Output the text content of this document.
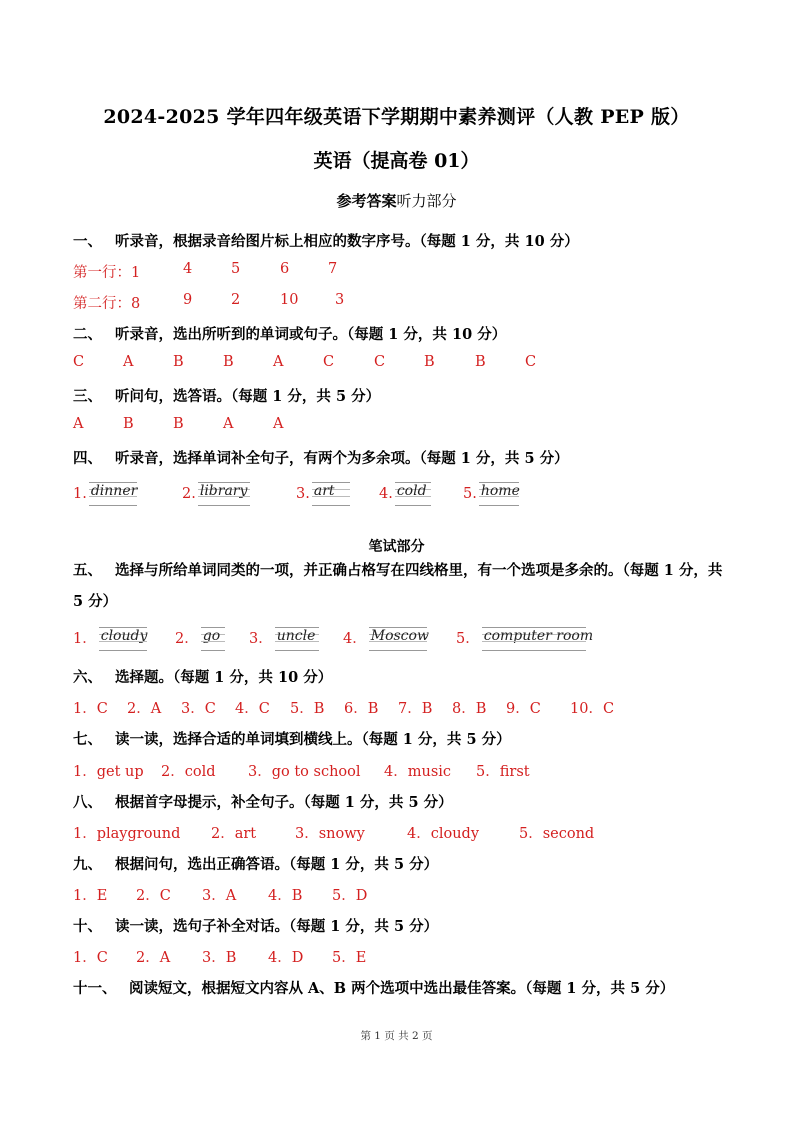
2024-2025 学年四年级英语下学期期中素养测评（人教 PEP 版）
英语（提高卷 01）
参考答案听力部分
一、 听录音，根据录音给图片标上相应的数字序号。（每题 1 分，共 10 分）
第一行：1	4	5	6	7
第二行：8	9	2	10	3
二、 听录音，选出所听到的单词或句子。（每题 1 分，共 10 分）
C	A	B	B	A	C	C	B	B	C
三、 听问句，选答语。（每题 1 分，共 5 分）
A	B	B	A	A
四、 听录音，选择单词补全句子，有两个为多余项。（每题 1 分，共 5 分）
1. dinner	2. library	3. art	4. cold	5. home
笔试部分
五、 选择与所给单词同类的一项，并正确占格写在四线格里，有一个选项是多余的。（每题 1 分，共 5 分）
1． cloudy 2． go 3． uncle 4． Moscow 5． computer room
六、 选择题。（每题 1 分，共 10 分）
1．C 2．A 3．C 4．C 5．B 6．B 7．B 8．B 9．C 10．C
七、 读一读，选择合适的单词填到横线上。（每题 1 分，共 5 分）
1．get up 2．cold 3．go to school 4．music 5．first
八、 根据首字母提示，补全句子。（每题 1 分，共 5 分）
1．playground 2．art	3．snowy	4．cloudy	5．second
九、 根据问句，选出正确答语。（每题 1 分，共 5 分）
1．E 2．C 3．A 4．B 5．D
十、 读一读，选句子补全对话。（每题 1 分，共 5 分）
1．C 2．A 3．B 4．D 5．E
十一、 阅读短文，根据短文内容从 A、B 两个选项中选出最佳答案。（每题 1 分，共 5 分）
第 1 页 共 2 页
